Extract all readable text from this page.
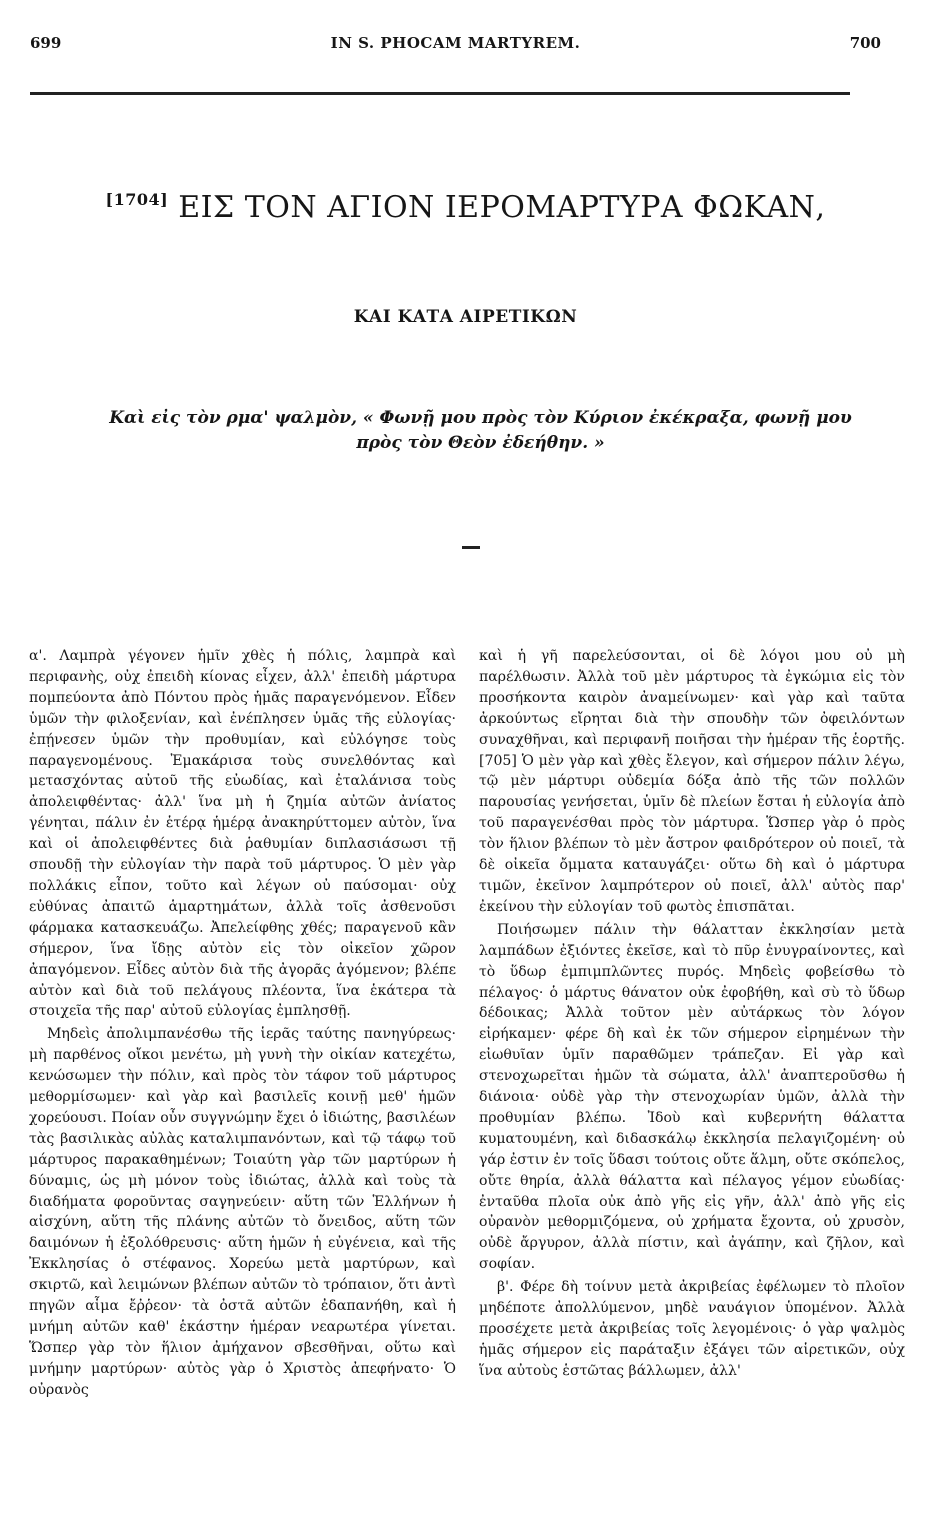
699	IN S. PHOCAM MARTYREM.	700
[1704] ΕΙΣ ΤΟΝ ΑΓΙΟΝ ΙΕΡΟΜΑΡΤΥΡΑ ΦΩΚΑΝ,
ΚΑΙ ΚΑΤΑ ΑΙΡΕΤΙΚΩΝ
Καὶ εἰς τὸν ρμα' ψαλμὸν, « Φωνῇ μου πρὸς τὸν Κύριον ἐκέκραξα, φωνῇ μου πρὸς τὸν Θεὸν ἐδεήθην. »

α'. Λαμπρὰ γέγονεν ἡμῖν χθὲς ἡ πόλις, λαμπρὰ καὶ περιφανὴς, οὐχ ἐπειδὴ κίονας εἶχεν, ἀλλ' ἐπειδὴ μάρτυρα πομπεύοντα ἀπὸ Πόντου πρὸς ἡμᾶς παραγενόμενον. Εἶδεν ὑμῶν τὴν φιλοξενίαν, καὶ ἐνέπλησεν ὑμᾶς τῆς εὐλογίας· ἐπῄνεσεν ὑμῶν τὴν προθυμίαν, καὶ εὐλόγησε τοὺς παραγενομένους. Ἐμακάρισα τοὺς συνελθόντας καὶ μετασχόντας αὐτοῦ τῆς εὐωδίας, καὶ ἐταλάνισα τοὺς ἀπολειφθέντας· ἀλλ' ἵνα μὴ ἡ ζημία αὐτῶν ἀνίατος γένηται, πάλιν ἐν ἑτέρᾳ ἡμέρᾳ ἀνακηρύττομεν αὐτὸν, ἵνα καὶ οἱ ἀπολειφθέντες διὰ ῥαθυμίαν διπλασιάσωσι τῇ σπουδῇ τὴν εὐλογίαν τὴν παρὰ τοῦ μάρτυρος. Ὁ μὲν γὰρ πολλάκις εἶπον, τοῦτο καὶ λέγων οὐ παύσομαι· οὐχ εὐθύνας ἀπαιτῶ ἁμαρτημάτων, ἀλλὰ τοῖς ἀσθενοῦσι φάρμακα κατασκευάζω. Ἀπελείφθης χθές; παραγενοῦ κἂν σήμερον, ἵνα ἴδῃς αὐτὸν εἰς τὸν οἰκεῖον χῶρον ἀπαγόμενον. Εἶδες αὐτὸν διὰ τῆς ἀγορᾶς ἀγόμενον; βλέπε αὐτὸν καὶ διὰ τοῦ πελάγους πλέοντα, ἵνα ἑκάτερα τὰ στοιχεῖα τῆς παρ' αὐτοῦ εὐλογίας ἐμπλησθῇ.

Μηδεὶς ἀπολιμπανέσθω τῆς ἱερᾶς ταύτης πανηγύρεως· μὴ παρθένος οἴκοι μενέτω, μὴ γυνὴ τὴν οἰκίαν κατεχέτω, κενώσωμεν τὴν πόλιν, καὶ πρὸς τὸν τάφον τοῦ μάρτυρος μεθορμίσωμεν· καὶ γὰρ καὶ βασιλεῖς κοινῇ μεθ' ἡμῶν χορεύουσι. Ποίαν οὖν συγγνώμην ἔχει ὁ ἰδιώτης, βασιλέων τὰς βασιλικὰς αὐλὰς καταλιμπανόντων, καὶ τῷ τάφῳ τοῦ μάρτυρος παρακαθημένων; Τοιαύτη γὰρ τῶν μαρτύρων ἡ δύναμις, ὡς μὴ μόνον τοὺς ἰδιώτας, ἀλλὰ καὶ τοὺς τὰ διαδήματα φοροῦντας σαγηνεύειν· αὕτη τῶν Ἑλλήνων ἡ αἰσχύνη, αὕτη τῆς πλάνης αὐτῶν τὸ ὄνειδος, αὕτη τῶν δαιμόνων ἡ ἐξολόθρευσις· αὕτη ἡμῶν ἡ εὐγένεια, καὶ τῆς Ἐκκλησίας ὁ στέφανος. Χορεύω μετὰ μαρτύρων, καὶ σκιρτῶ, καὶ λειμώνων βλέπων αὐτῶν τὸ τρόπαιον, ὅτι ἀντὶ πηγῶν αἷμα ἔῤῥεον· τὰ ὀστᾶ αὐτῶν ἐδαπανήθη, καὶ ἡ μνήμη αὐτῶν καθ' ἑκάστην ἡμέραν νεαρωτέρα γίνεται. Ὥσπερ γὰρ τὸν ἥλιον ἀμήχανον σβεσθῆναι, οὕτω καὶ μνήμην μαρτύρων· αὐτὸς γὰρ ὁ Χριστὸς ἀπεφήνατο· Ὁ οὐρανὸς

καὶ ἡ γῆ παρελεύσονται, οἱ δὲ λόγοι μου οὐ μὴ παρέλθωσιν. Ἀλλὰ τοῦ μὲν μάρτυρος τὰ ἐγκώμια εἰς τὸν προσήκοντα καιρὸν ἀναμείνωμεν· καὶ γὰρ καὶ ταῦτα ἀρκούντως εἴρηται διὰ τὴν σπουδὴν τῶν ὀφειλόντων συναχθῆναι, καὶ περιφανῆ ποιῆσαι τὴν ἡμέραν τῆς ἑορτῆς. [705] Ὁ μὲν γὰρ καὶ χθὲς ἔλεγον, καὶ σήμερον πάλιν λέγω, τῷ μὲν μάρτυρι οὐδεμία δόξα ἀπὸ τῆς τῶν πολλῶν παρουσίας γενήσεται, ὑμῖν δὲ πλείων ἔσται ἡ εὐλογία ἀπὸ τοῦ παραγενέσθαι πρὸς τὸν μάρτυρα. Ὥσπερ γὰρ ὁ πρὸς τὸν ἥλιον βλέπων τὸ μὲν ἄστρον φαιδρότερον οὐ ποιεῖ, τὰ δὲ οἰκεῖα ὄμματα καταυγάζει· οὕτω δὴ καὶ ὁ μάρτυρα τιμῶν, ἐκεῖνον λαμπρότερον οὐ ποιεῖ, ἀλλ' αὐτὸς παρ' ἐκείνου τὴν εὐλογίαν τοῦ φωτὸς ἐπισπᾶται.

Ποιήσωμεν πάλιν τὴν θάλατταν ἐκκλησίαν μετὰ λαμπάδων ἐξιόντες ἐκεῖσε, καὶ τὸ πῦρ ἐνυγραίνοντες, καὶ τὸ ὕδωρ ἐμπιμπλῶντες πυρός. Μηδεὶς φοβείσθω τὸ πέλαγος· ὁ μάρτυς θάνατον οὐκ ἐφοβήθη, καὶ σὺ τὸ ὕδωρ δέδοικας; Ἀλλὰ τοῦτον μὲν αὐτάρκως τὸν λόγον εἰρήκαμεν· φέρε δὴ καὶ ἐκ τῶν σήμερον εἰρημένων τὴν εἰωθυῖαν ὑμῖν παραθῶμεν τράπεζαν. Εἰ γὰρ καὶ στενοχωρεῖται ἡμῶν τὰ σώματα, ἀλλ' ἀναπτεροῦσθω ἡ διάνοια· οὐδὲ γὰρ τὴν στενοχωρίαν ὑμῶν, ἀλλὰ τὴν προθυμίαν βλέπω. Ἰδοὺ καὶ κυβερνήτη θάλαττα κυματουμένη, καὶ διδασκάλῳ ἐκκλησία πελαγιζομένη· οὐ γάρ ἐστιν ἐν τοῖς ὕδασι τούτοις οὔτε ἅλμη, οὔτε σκόπελος, οὔτε θηρία, ἀλλὰ θάλαττα καὶ πέλαγος γέμον εὐωδίας· ἐνταῦθα πλοῖα οὐκ ἀπὸ γῆς εἰς γῆν, ἀλλ' ἀπὸ γῆς εἰς οὐρανὸν μεθορμιζόμενα, οὐ χρήματα ἔχοντα, οὐ χρυσὸν, οὐδὲ ἄργυρον, ἀλλὰ πίστιν, καὶ ἀγάπην, καὶ ζῆλον, καὶ σοφίαν.

β'. Φέρε δὴ τοίνυν μετὰ ἀκριβείας ἐφέλωμεν τὸ πλοῖον μηδέποτε ἀπολλύμενον, μηδὲ ναυάγιον ὑπομένον. Ἀλλὰ προσέχετε μετὰ ἀκριβείας τοῖς λεγομένοις· ὁ γὰρ ψαλμὸς ἡμᾶς σήμερον εἰς παράταξιν ἐξάγει τῶν αἱρετικῶν, οὐχ ἵνα αὐτοὺς ἑστῶτας βάλλωμεν, ἀλλ'
